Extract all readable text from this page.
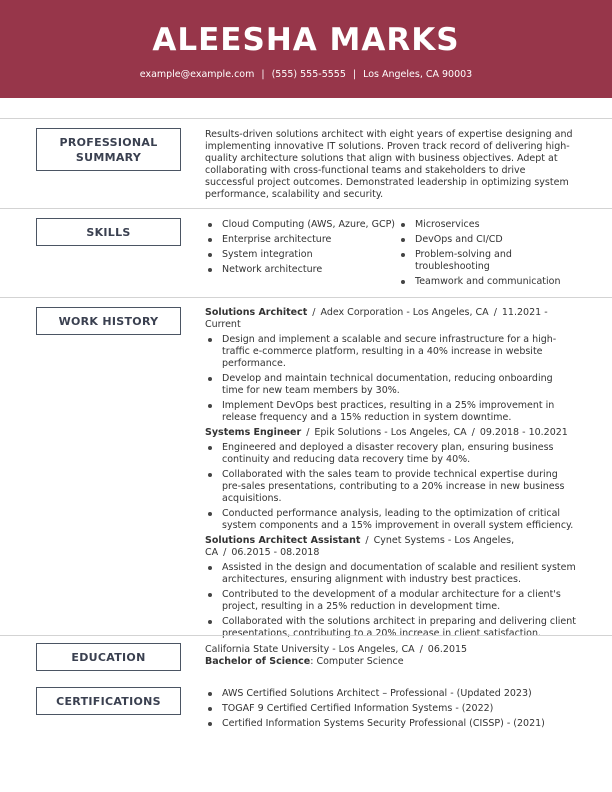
ALEESHA MARKS
example@example.com | (555) 555-5555 | Los Angeles, CA 90003
PROFESSIONAL
SUMMARY
Results-driven solutions architect with eight years of expertise designing and implementing innovative IT solutions. Proven track record of delivering high-quality architecture solutions that align with business objectives. Adept at collaborating with cross-functional teams and stakeholders to drive successful project outcomes. Demonstrated leadership in optimizing system performance, scalability and security.
SKILLS
Cloud Computing (AWS, Azure, GCP)
Enterprise architecture
System integration
Network architecture
Microservices
DevOps and CI/CD
Problem-solving and troubleshooting
Teamwork and communication
WORK HISTORY
Solutions Architect / Adex Corporation - Los Angeles, CA / 11.2021 - Current
Design and implement a scalable and secure infrastructure for a high-traffic e-commerce platform, resulting in a 40% increase in website performance.
Develop and maintain technical documentation, reducing onboarding time for new team members by 30%.
Implement DevOps best practices, resulting in a 25% improvement in release frequency and a 15% reduction in system downtime.
Systems Engineer / Epik Solutions - Los Angeles, CA / 09.2018 - 10.2021
Engineered and deployed a disaster recovery plan, ensuring business continuity and reducing data recovery time by 40%.
Collaborated with the sales team to provide technical expertise during pre-sales presentations, contributing to a 20% increase in new business acquisitions.
Conducted performance analysis, leading to the optimization of critical system components and a 15% improvement in overall system efficiency.
Solutions Architect Assistant / Cynet Systems - Los Angeles, CA / 06.2015 - 08.2018
Assisted in the design and documentation of scalable and resilient system architectures, ensuring alignment with industry best practices.
Contributed to the development of a modular architecture for a client's project, resulting in a 25% reduction in development time.
Collaborated with the solutions architect in preparing and delivering client presentations, contributing to a 20% increase in client satisfaction.
EDUCATION
California State University - Los Angeles, CA / 06.2015
Bachelor of Science: Computer Science
CERTIFICATIONS
AWS Certified Solutions Architect – Professional - (Updated 2023)
TOGAF 9 Certified Certified Information Systems - (2022)
Certified Information Systems Security Professional (CISSP) - (2021)
